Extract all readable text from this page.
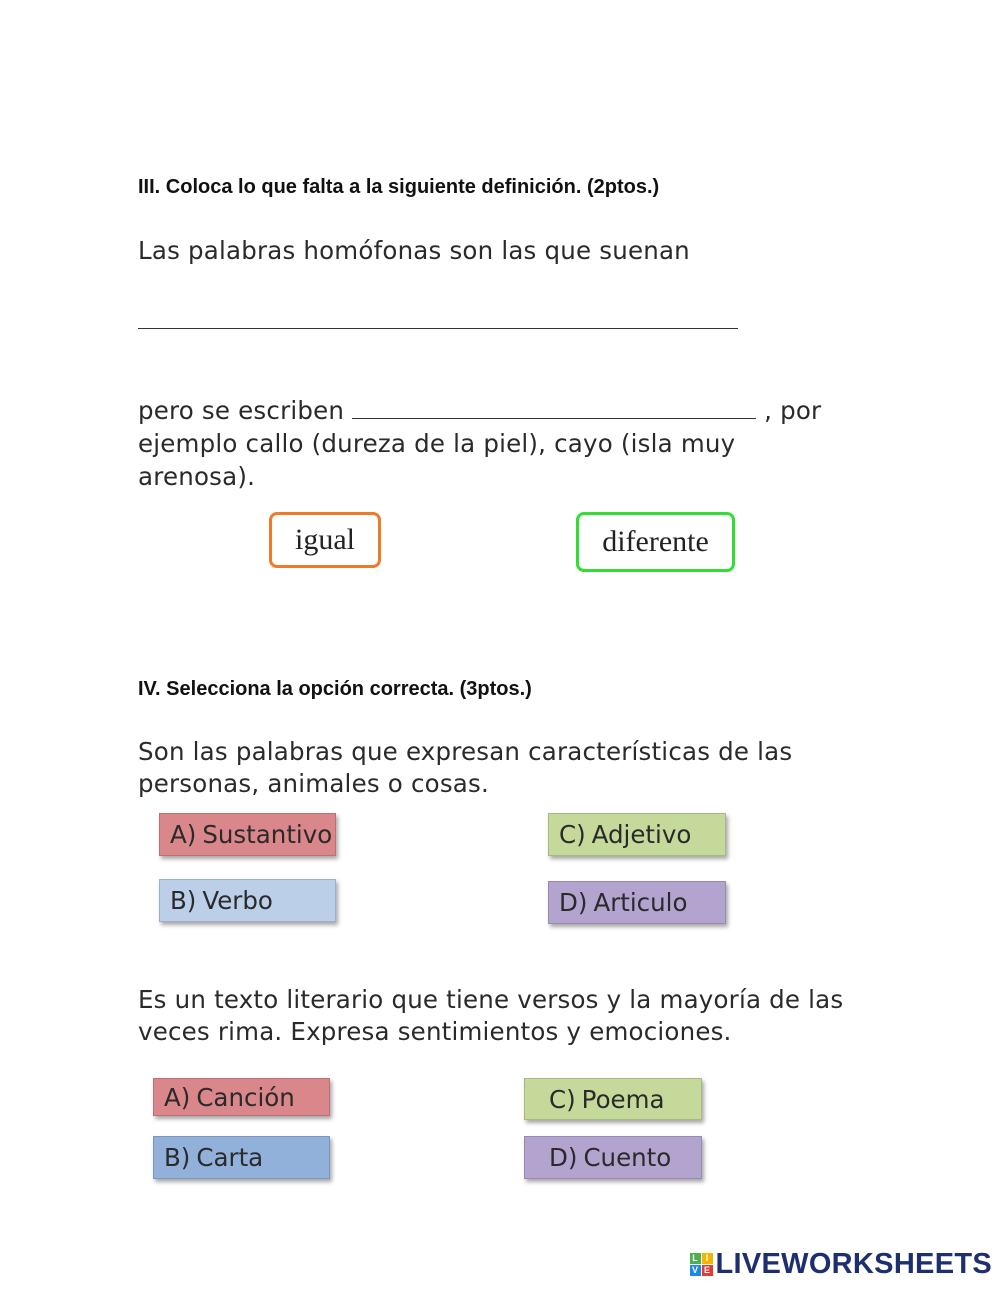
III. Coloca lo que falta a la siguiente definición. (2ptos.)
Las palabras homófonas son las que suenan
pero se escriben	, por
ejemplo callo (dureza de la piel), cayo (isla muy
arenosa).
igual	diferente
IV. Selecciona la opción correcta. (3ptos.)
Son las palabras que expresan características de las
personas, animales o cosas.
A) Sustantivo	C) Adjetivo
B) Verbo	D) Articulo
Es un texto literario que tiene versos y la mayoría de las
veces rima. Expresa sentimientos y emociones.
A) Canción	C) Poema
B) Carta	D) Cuento
L I
V E LIVEWORKSHEETS
